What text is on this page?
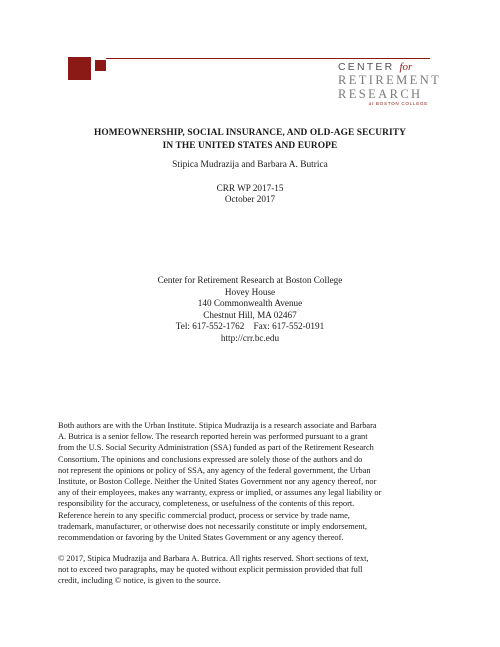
CENTER for
RETIREMENT
RESEARCH
at BOSTON COLLEGE
HOMEOWNERSHIP, SOCIAL INSURANCE, AND OLD-AGE SECURITY
IN THE UNITED STATES AND EUROPE
Stipica Mudrazija and Barbara A. Butrica
CRR WP 2017-15
October 2017
Center for Retirement Research at Boston College
Hovey House
140 Commonwealth Avenue
Chestnut Hill, MA 02467
Tel: 617-552-1762    Fax: 617-552-0191
http://crr.bc.edu
Both authors are with the Urban Institute. Stipica Mudrazija is a research associate and Barbara
A. Butrica is a senior fellow. The research reported herein was performed pursuant to a grant
from the U.S. Social Security Administration (SSA) funded as part of the Retirement Research
Consortium. The opinions and conclusions expressed are solely those of the authors and do
not represent the opinions or policy of SSA, any agency of the federal government, the Urban
Institute, or Boston College. Neither the United States Government nor any agency thereof, nor
any of their employees, makes any warranty, express or implied, or assumes any legal liability or
responsibility for the accuracy, completeness, or usefulness of the contents of this report.
Reference herein to any specific commercial product, process or service by trade name,
trademark, manufacturer, or otherwise does not necessarily constitute or imply endorsement,
recommendation or favoring by the United States Government or any agency thereof.
© 2017, Stipica Mudrazija and Barbara A. Butrica. All rights reserved. Short sections of text,
not to exceed two paragraphs, may be quoted without explicit permission provided that full
credit, including © notice, is given to the source.
